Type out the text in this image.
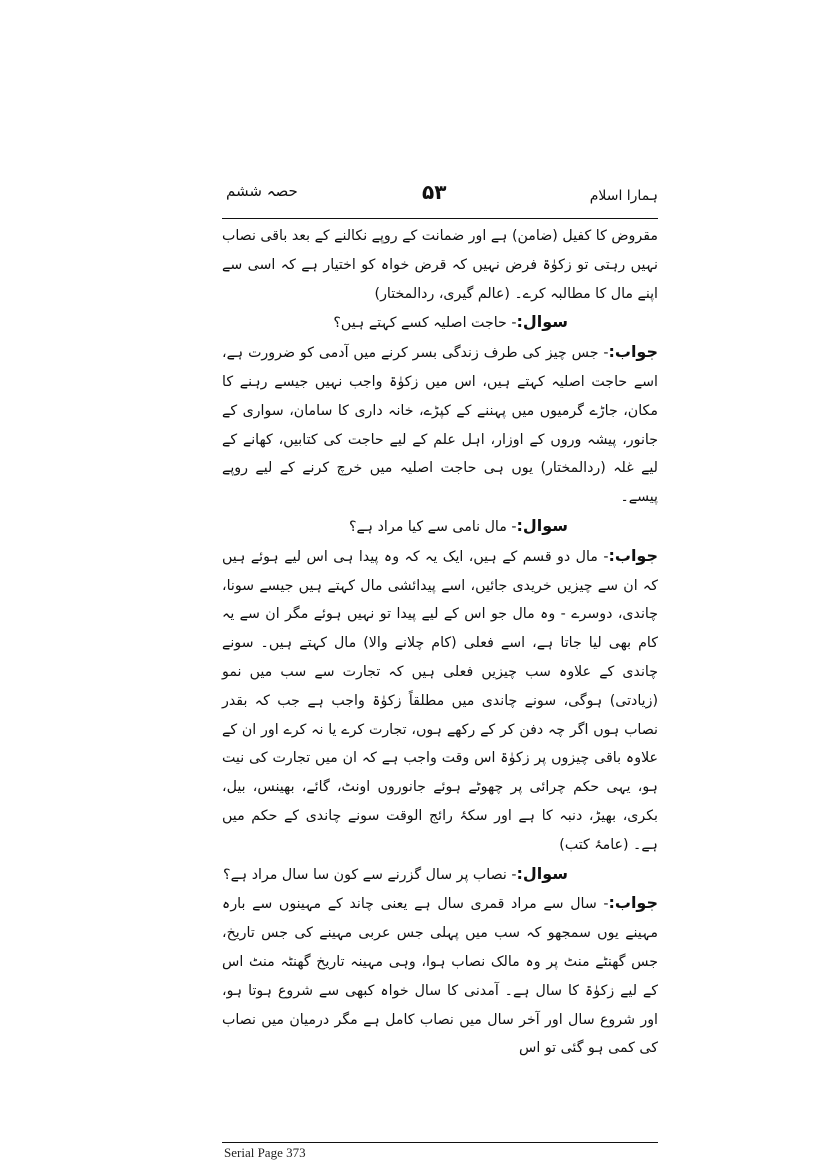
ہمارا اسلام
۵۳
حصہ ششم

مقروض کا کفیل (ضامن) ہے اور ضمانت کے روپے نکالنے کے بعد باقی نصاب نہیں رہتی تو زکوٰۃ فرض نہیں کہ قرض خواہ کو اختیار ہے کہ اسی سے اپنے مال کا مطالبہ کرے۔ (عالم گیری، ردالمختار)

سوال:- حاجت اصلیہ کسے کہتے ہیں؟

جواب:- جس چیز کی طرف زندگی بسر کرنے میں آدمی کو ضرورت ہے، اسے حاجت اصلیہ کہتے ہیں، اس میں زکوٰۃ واجب نہیں جیسے رہنے کا مکان، جاڑے گرمیوں میں پہننے کے کپڑے، خانہ داری کا سامان، سواری کے جانور، پیشہ وروں کے اوزار، اہل علم کے لیے حاجت کی کتابیں، کھانے کے لیے غلہ (ردالمختار) یوں ہی حاجت اصلیہ میں خرچ کرنے کے لیے روپے پیسے۔

سوال:- مال نامی سے کیا مراد ہے؟

جواب:- مال دو قسم کے ہیں، ایک یہ کہ وہ پیدا ہی اس لیے ہوئے ہیں کہ ان سے چیزیں خریدی جائیں، اسے پیدائشی مال کہتے ہیں جیسے سونا، چاندی، دوسرے - وہ مال جو اس کے لیے پیدا تو نہیں ہوئے مگر ان سے یہ کام بھی لیا جاتا ہے، اسے فعلی (کام چلانے والا) مال کہتے ہیں۔ سونے چاندی کے علاوہ سب چیزیں فعلی ہیں کہ تجارت سے سب میں نمو (زیادتی) ہوگی، سونے چاندی میں مطلقاً زکوٰۃ واجب ہے جب کہ بقدر نصاب ہوں اگر چہ دفن کر کے رکھے ہوں، تجارت کرے یا نہ کرے اور ان کے علاوہ باقی چیزوں پر زکوٰۃ اس وقت واجب ہے کہ ان میں تجارت کی نیت ہو، یہی حکم چرائی پر چھوٹے ہوئے جانوروں اونٹ، گائے، بھینس، بیل، بکری، بھیڑ، دنبہ کا ہے اور سکۂ رائج الوقت سونے چاندی کے حکم میں ہے۔ (عامۂ کتب)

سوال:- نصاب پر سال گزرنے سے کون سا سال مراد ہے؟

جواب:- سال سے مراد قمری سال ہے یعنی چاند کے مہینوں سے بارہ مہینے یوں سمجھو کہ سب میں پہلی جس عربی مہینے کی جس تاریخ، جس گھنٹے منٹ پر وہ مالک نصاب ہوا، وہی مہینہ تاریخ گھنٹہ منٹ اس کے لیے زکوٰۃ کا سال ہے۔ آمدنی کا سال خواہ کبھی سے شروع ہوتا ہو، اور شروع سال اور آخر سال میں نصاب کامل ہے مگر درمیان میں نصاب کی کمی ہو گئی تو اس

Serial Page 373
